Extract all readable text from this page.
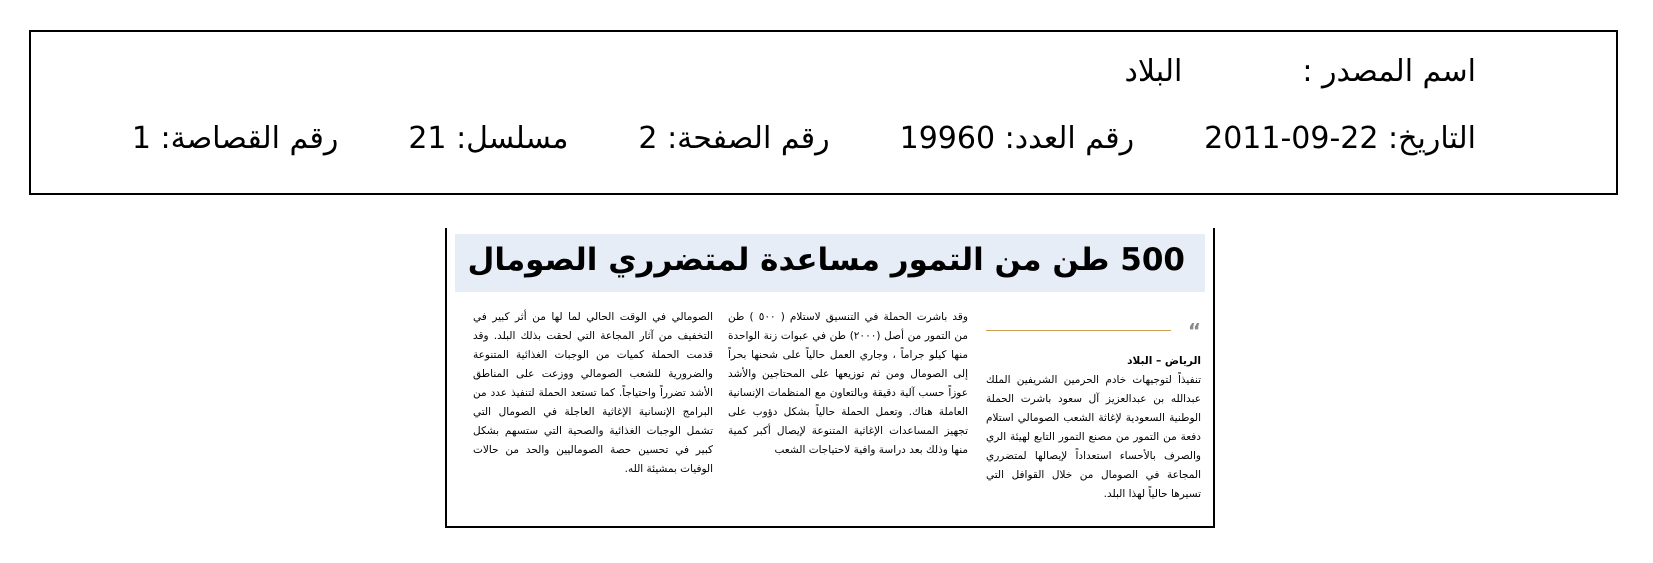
اسم المصدر :البلاد
التاريخ: 2011-09-22رقم العدد: 19960رقم الصفحة: 2مسلسل: 21رقم القصاصة: 1
500 طن من التمور مساعدة لمتضرري الصومال
“
الرياض – البلاد
تنفيذاً لتوجيهات خادم الحرمين الشريفين الملك عبدالله بن عبدالعزيز آل سعود باشرت الحملة الوطنية السعودية لإغاثة الشعب الصومالي استلام دفعة من التمور من مصنع التمور التابع لهيئة الري والصرف بالأحساء استعداداً لإيصالها لمتضرري المجاعة في الصومال من خلال القوافل التي تسيرها حالياً لهذا البلد.
وقد باشرت الحملة في التنسيق لاستلام ( ٥٠٠ ) طن من التمور من أصل (٢٠٠٠) طن في عبوات زنة الواحدة منها كيلو جراماً ، وجاري العمل حالياً على شحنها بحراً إلى الصومال ومن ثم توزيعها على المحتاجين والأشد عوزاً حسب آلية دقيقة وبالتعاون مع المنظمات الإنسانية العاملة هناك. وتعمل الحملة حالياً بشكل دؤوب على تجهيز المساعدات الإغاثية المتنوعة لإيصال أكبر كمية منها وذلك بعد دراسة وافية لاحتياجات الشعب
الصومالي في الوقت الحالي لما لها من أثر كبير في التخفيف من آثار المجاعة التي لحقت بذلك البلد. وقد قدمت الحملة كميات من الوجبات الغذائية المتنوعة والضرورية للشعب الصومالي ووزعت على المناطق الأشد تضرراً واحتياجاً. كما تستعد الحملة لتنفيذ عدد من البرامج الإنسانية الإغاثية العاجلة في الصومال التي تشمل الوجبات الغذائية والصحية التي ستسهم بشكل كبير في تحسين حصة الصوماليين والحد من حالات الوفيات بمشيئة الله.
